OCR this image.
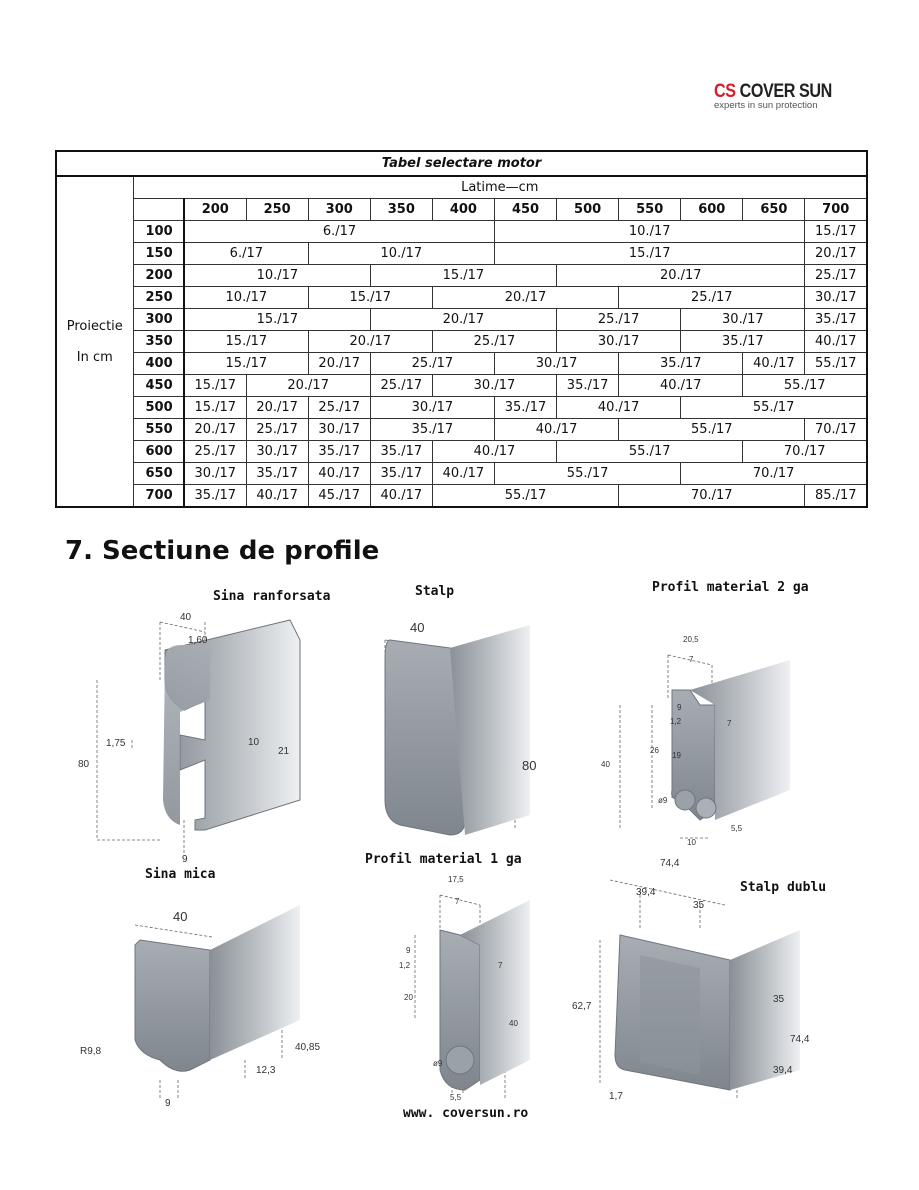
CS COVER SUN
experts in sun protection
Tabel selectare motor												

Proiectie
In cm	Latime—cm											
		200	250	300	350	400	450	500	550	600	650	700
	100	6./17					10./17					15./17
	150	6./17		10./17			15./17					20./17
	200	10./17			15./17			20./17				25./17
	250	10./17		15./17		20./17			25./17			30./17
	300	15./17			20./17			25./17		30./17		35./17
	350	15./17		20./17		25./17		30./17		35./17		40./17
	400	15./17		20./17	25./17		30./17		35./17		40./17	55./17
	450	15./17	20./17		25./17	30./17		35./17	40./17		55./17	
	500	15./17	20./17	25./17	30./17		35./17	40./17		55./17		
	550	20./17	25./17	30./17	35./17		40./17		55./17			70./17
	600	25./17	30./17	35./17	35./17	40./17		55./17			70./17	
	650	30./17	35./17	40./17	35./17	40./17	55./17			70./17		
	700	35./17	40./17	45./17	40./17	55./17			70./17			85./17
7. Sectiune de profile
Sina ranforsata	Stalp	Profil material 2 ga
Sina mica
Profil material 1 ga
Stalp dublu
www. coversun.ro
40
1,60
1,75	10
21
80
9
40
80
20,5
7
9
1,2	7
26
19
40
ø9
5,5
10
40
R9,8	40,85
12,3
9
17,5
7
9
1,2	7
20
40
ø9
5,5
74,4
39,4
35
62,7
35
74,4
39,4
1,7
